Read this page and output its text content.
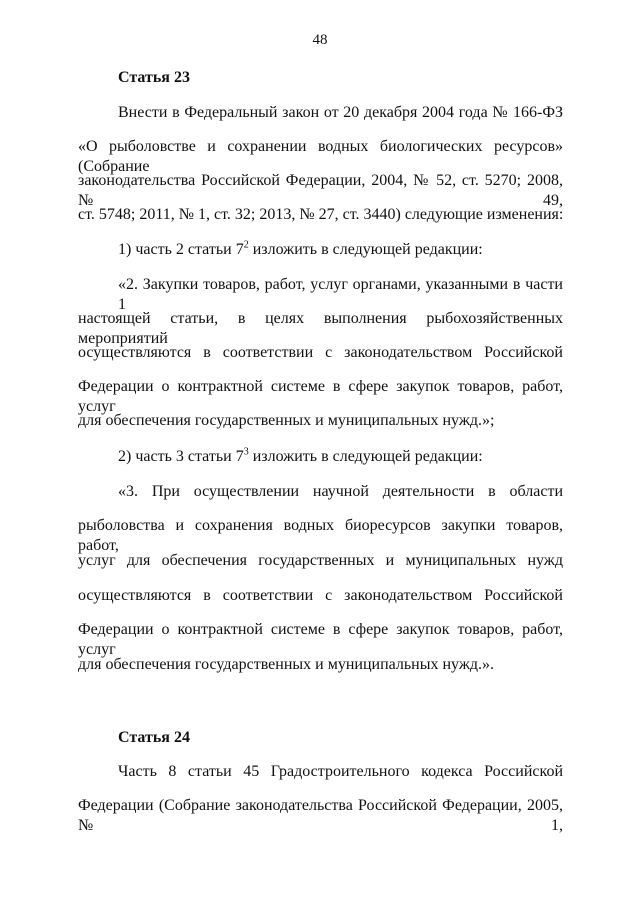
48
Статья 23
Внести в Федеральный закон от 20 декабря 2004 года № 166-ФЗ
«О рыболовстве и сохранении водных биологических ресурсов» (Собрание
законодательства Российской Федерации, 2004, № 52, ст. 5270; 2008, № 49,
ст. 5748; 2011, № 1, ст. 32; 2013, № 27, ст. 3440) следующие изменения:
1) часть 2 статьи $7^2$ изложить в следующей редакции:
«2. Закупки товаров, работ, услуг органами, указанными в части 1
настоящей статьи, в целях выполнения рыбохозяйственных мероприятий
осуществляются в соответствии с законодательством Российской
Федерации о контрактной системе в сфере закупок товаров, работ, услуг
для обеспечения государственных и муниципальных нужд.»;
2) часть 3 статьи $7^3$ изложить в следующей редакции:
«3. При осуществлении научной деятельности в области
рыболовства и сохранения водных биоресурсов закупки товаров, работ,
услуг для обеспечения государственных и муниципальных нужд
осуществляются в соответствии с законодательством Российской
Федерации о контрактной системе в сфере закупок товаров, работ, услуг
для обеспечения государственных и муниципальных нужд.».
Статья 24
Часть 8 статьи 45 Градостроительного кодекса Российской
Федерации (Собрание законодательства Российской Федерации, 2005, № 1,
